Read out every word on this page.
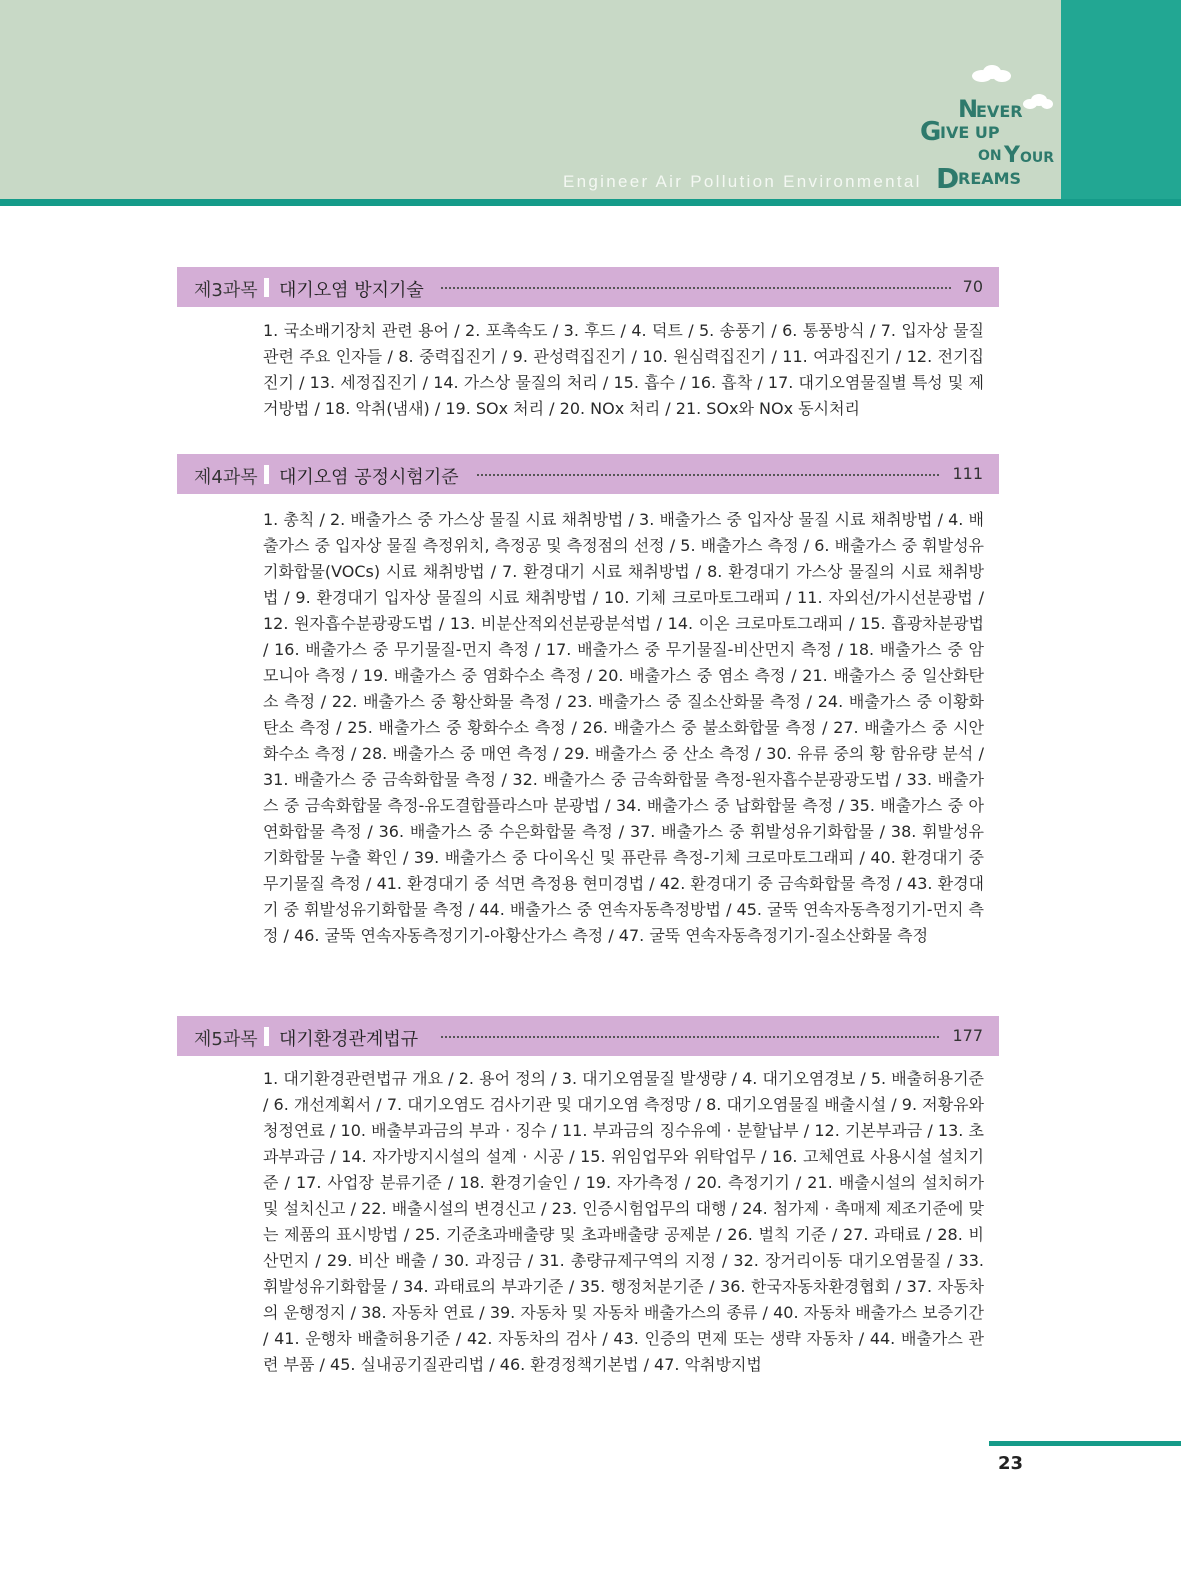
Engineer Air Pollution Environmental
N
EVER
G
IVE UP
ON Y OUR
D
REAMS
제3과목 대기오염 방지기술	70
1. 국소배기장치 관련 용어 / 2. 포촉속도 / 3. 후드 / 4. 덕트 / 5. 송풍기 / 6. 통풍방식 / 7. 입자상 물질 관련 주요 인자들 / 8. 중력집진기 / 9. 관성력집진기 / 10. 원심력집진기 / 11. 여과집진기 / 12. 전기집진기 / 13. 세정집진기 / 14. 가스상 물질의 처리 / 15. 흡수 / 16. 흡착 / 17. 대기오염물질별 특성 및 제거방법 / 18. 악취(냄새) / 19. SOx 처리 / 20. NOx 처리 / 21. SOx와 NOx 동시처리
제4과목 대기오염 공정시험기준	111
1. 총칙 / 2. 배출가스 중 가스상 물질 시료 채취방법 / 3. 배출가스 중 입자상 물질 시료 채취방법 / 4. 배출가스 중 입자상 물질 측정위치, 측정공 및 측정점의 선정 / 5. 배출가스 측정 / 6. 배출가스 중 휘발성유기화합물(VOCs) 시료 채취방법 / 7. 환경대기 시료 채취방법 / 8. 환경대기 가스상 물질의 시료 채취방법 / 9. 환경대기 입자상 물질의 시료 채취방법 / 10. 기체 크로마토그래피 / 11. 자외선/가시선분광법 / 12. 원자흡수분광광도법 / 13. 비분산적외선분광분석법 / 14. 이온 크로마토그래피 / 15. 흡광차분광법 / 16. 배출가스 중 무기물질-먼지 측정 / 17. 배출가스 중 무기물질-비산먼지 측정 / 18. 배출가스 중 암모니아 측정 / 19. 배출가스 중 염화수소 측정 / 20. 배출가스 중 염소 측정 / 21. 배출가스 중 일산화탄소 측정 / 22. 배출가스 중 황산화물 측정 / 23. 배출가스 중 질소산화물 측정 / 24. 배출가스 중 이황화탄소 측정 / 25. 배출가스 중 황화수소 측정 / 26. 배출가스 중 불소화합물 측정 / 27. 배출가스 중 시안화수소 측정 / 28. 배출가스 중 매연 측정 / 29. 배출가스 중 산소 측정 / 30. 유류 중의 황 함유량 분석 / 31. 배출가스 중 금속화합물 측정 / 32. 배출가스 중 금속화합물 측정-원자흡수분광광도법 / 33. 배출가스 중 금속화합물 측정-유도결합플라스마 분광법 / 34. 배출가스 중 납화합물 측정 / 35. 배출가스 중 아연화합물 측정 / 36. 배출가스 중 수은화합물 측정 / 37. 배출가스 중 휘발성유기화합물 / 38. 휘발성유기화합물 누출 확인 / 39. 배출가스 중 다이옥신 및 퓨란류 측정-기체 크로마토그래피 / 40. 환경대기 중 무기물질 측정 / 41. 환경대기 중 석면 측정용 현미경법 / 42. 환경대기 중 금속화합물 측정 / 43. 환경대기 중 휘발성유기화합물 측정 / 44. 배출가스 중 연속자동측정방법 / 45. 굴뚝 연속자동측정기기-먼지 측정 / 46. 굴뚝 연속자동측정기기-아황산가스 측정 / 47. 굴뚝 연속자동측정기기-질소산화물 측정
제5과목 대기환경관계법규	177
1. 대기환경관련법규 개요 / 2. 용어 정의 / 3. 대기오염물질 발생량 / 4. 대기오염경보 / 5. 배출허용기준 / 6. 개선계획서 / 7. 대기오염도 검사기관 및 대기오염 측정망 / 8. 대기오염물질 배출시설 / 9. 저황유와 청정연료 / 10. 배출부과금의 부과 · 징수 / 11. 부과금의 징수유예 · 분할납부 / 12. 기본부과금 / 13. 초과부과금 / 14. 자가방지시설의 설계 · 시공 / 15. 위임업무와 위탁업무 / 16. 고체연료 사용시설 설치기준 / 17. 사업장 분류기준 / 18. 환경기술인 / 19. 자가측정 / 20. 측정기기 / 21. 배출시설의 설치허가 및 설치신고 / 22. 배출시설의 변경신고 / 23. 인증시험업무의 대행 / 24. 첨가제 · 촉매제 제조기준에 맞는 제품의 표시방법 / 25. 기준초과배출량 및 초과배출량 공제분 / 26. 벌칙 기준 / 27. 과태료 / 28. 비산먼지 / 29. 비산 배출 / 30. 과징금 / 31. 총량규제구역의 지정 / 32. 장거리이동 대기오염물질 / 33. 휘발성유기화합물 / 34. 과태료의 부과기준 / 35. 행정처분기준 / 36. 한국자동차환경협회 / 37. 자동차의 운행정지 / 38. 자동차 연료 / 39. 자동차 및 자동차 배출가스의 종류 / 40. 자동차 배출가스 보증기간 / 41. 운행차 배출허용기준 / 42. 자동차의 검사 / 43. 인증의 면제 또는 생략 자동차 / 44. 배출가스 관련 부품 / 45. 실내공기질관리법 / 46. 환경정책기본법 / 47. 악취방지법
23
